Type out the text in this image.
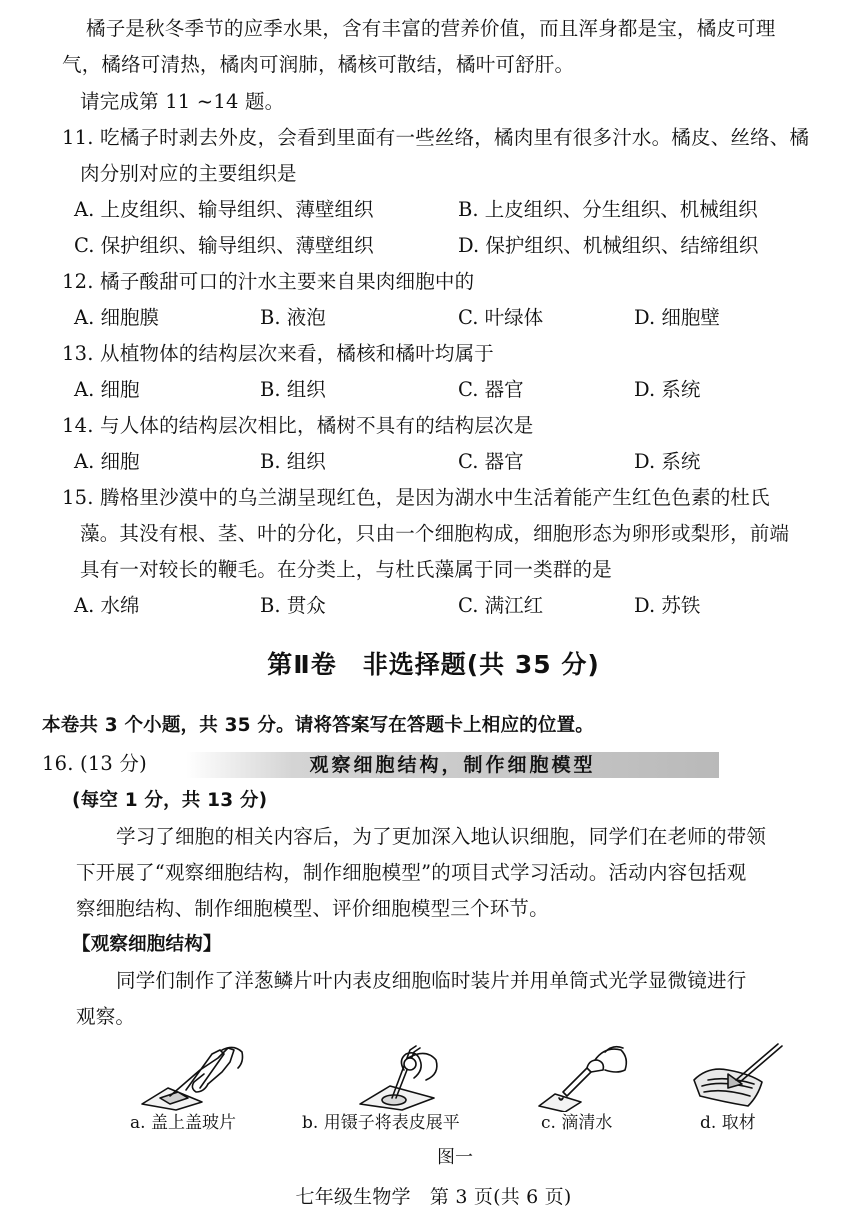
橘子是秋冬季节的应季水果，含有丰富的营养价值，而且浑身都是宝，橘皮可理
气，橘络可清热，橘肉可润肺，橘核可散结，橘叶可舒肝。
请完成第 11 ~14 题。
11. 吃橘子时剥去外皮，会看到里面有一些丝络，橘肉里有很多汁水。橘皮、丝络、橘
肉分别对应的主要组织是
A. 上皮组织、输导组织、薄壁组织	B. 上皮组织、分生组织、机械组织
C. 保护组织、输导组织、薄壁组织	D. 保护组织、机械组织、结缔组织
12. 橘子酸甜可口的汁水主要来自果肉细胞中的
A. 细胞膜	B. 液泡	C. 叶绿体	D. 细胞壁
13. 从植物体的结构层次来看，橘核和橘叶均属于
A. 细胞	B. 组织	C. 器官	D. 系统
14. 与人体的结构层次相比，橘树不具有的结构层次是
A. 细胞	B. 组织	C. 器官	D. 系统
15. 腾格里沙漠中的乌兰湖呈现红色，是因为湖水中生活着能产生红色色素的杜氏
藻。其没有根、茎、叶的分化，只由一个细胞构成，细胞形态为卵形或梨形，前端
具有一对较长的鞭毛。在分类上，与杜氏藻属于同一类群的是
A. 水绵	B. 贯众	C. 满江红	D. 苏铁
第Ⅱ卷　非选择题(共 35 分)
本卷共 3 个小题，共 35 分。请将答案写在答题卡上相应的位置。
16. (13 分)	观察细胞结构，制作细胞模型
(每空 1 分，共 13 分)
学习了细胞的相关内容后，为了更加深入地认识细胞，同学们在老师的带领
下开展了“观察细胞结构，制作细胞模型”的项目式学习活动。活动内容包括观
察细胞结构、制作细胞模型、评价细胞模型三个环节。
【观察细胞结构】
同学们制作了洋葱鳞片叶内表皮细胞临时装片并用单筒式光学显微镜进行
观察。
a. 盖上盖玻片	b. 用镊子将表皮展平	c. 滴清水	d. 取材
图一
七年级生物学　第 3 页(共 6 页)
